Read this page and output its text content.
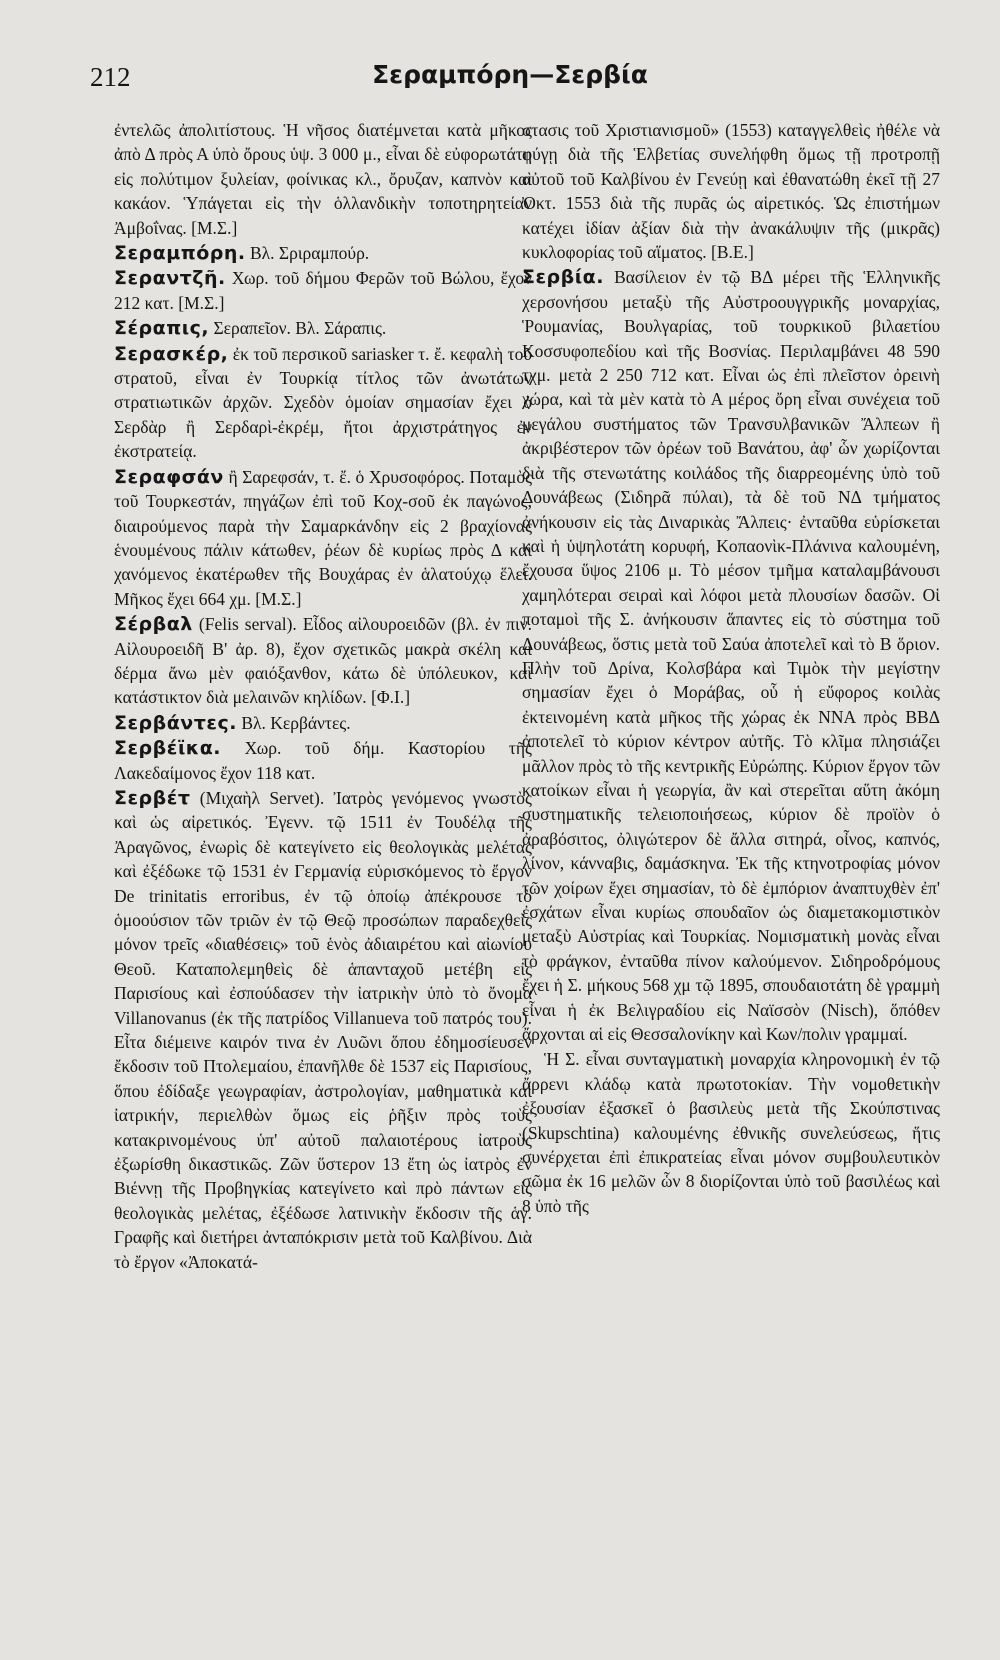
212	Σεραμπόρη—Σερβία

ἐντελῶς ἀπολιτίστους. Ἡ νῆσος διατέμνεται κατὰ μῆκος ἀπὸ Δ πρὸς Α ὑπὸ ὄρους ὑψ. 3 000 μ., εἶναι δὲ εὐφορωτάτη εἰς πολύτιμον ξυλείαν, φοίνικας κλ., ὄρυζαν, καπνὸν καὶ κακάον. Ὑπάγεται εἰς τὴν ὁλλανδικὴν τοποτηρητείαν Ἀμβοΐνας. [Μ.Σ.]

Σεραμπόρη. Βλ. Σριραμπούρ.

Σεραντζῆ. Χωρ. τοῦ δήμου Φερῶν τοῦ Βώλου, ἔχον 212 κατ. [Μ.Σ.]

Σέραπις, Σεραπεῖον. Βλ. Σάραπις.

Σερασκέρ, ἐκ τοῦ περσικοῦ sariasker τ. ἔ. κεφαλὴ τοῦ στρατοῦ, εἶναι ἐν Τουρκίᾳ τίτλος τῶν ἀνωτάτων στρατιωτικῶν ἀρχῶν. Σχεδὸν ὁμοίαν σημασίαν ἔχει ὁ Σερδὰρ ἢ Σερδαρὶ-ἐκρέμ, ἤτοι ἀρχιστράτηγος ἐν ἐκστρατείᾳ.

Σεραφσάν ἢ Σαρεφσάν, τ. ἔ. ὁ Χρυσοφόρος. Ποταμὸς τοῦ Τουρκεστάν, πηγάζων ἐπὶ τοῦ Κοχ-σοῦ ἐκ παγώνος, διαιρούμενος παρὰ τὴν Σαμαρκάνδην εἰς 2 βραχίονας ἑνουμένους πάλιν κάτωθεν, ῥέων δὲ κυρίως πρὸς Δ καὶ χανόμενος ἑκατέρωθεν τῆς Βουχάρας ἐν ἁλατούχῳ ἕλει. Μῆκος ἔχει 664 χμ. [Μ.Σ.]

Σέρβαλ (Felis serval). Εἶδος αἰλουροειδῶν (βλ. ἐν πιν. Αἰλουροειδῆ Β' ἀρ. 8), ἔχον σχετικῶς μακρὰ σκέλη καὶ δέρμα ἄνω μὲν φαιόξανθον, κάτω δὲ ὑπόλευκον, καὶ κατάστικτον διὰ μελαινῶν κηλίδων. [Φ.Ι.]

Σερβάντες. Βλ. Κερβάντες.

Σερβέϊκα. Χωρ. τοῦ δήμ. Καστορίου τῆς Λακεδαίμονος ἔχον 118 κατ.

Σερβέτ (Μιχαὴλ Servet). Ἰατρὸς γενόμενος γνωστὸς καὶ ὡς αἱρετικός. Ἐγενν. τῷ 1511 ἐν Τουδέλᾳ τῆς Ἀραγῶνος, ἐνωρὶς δὲ κατεγίνετο εἰς θεολογικὰς μελέτας καὶ ἐξέδωκε τῷ 1531 ἐν Γερμανίᾳ εὑρισκόμενος τὸ ἔργον De trinitatis erroribus, ἐν τῷ ὁποίῳ ἀπέκρουσε τὸ ὁμοούσιον τῶν τριῶν ἐν τῷ Θεῷ προσώπων παραδεχθεὶς μόνον τρεῖς «διαθέσεις» τοῦ ἑνὸς ἀδιαιρέτου καὶ αἰωνίου Θεοῦ. Καταπολεμηθεὶς δὲ ἁπανταχοῦ μετέβη εἰς Παρισίους καὶ ἐσπούδασεν τὴν ἰατρικὴν ὑπὸ τὸ ὄνομα Villanovanus (ἐκ τῆς πατρίδος Villanueva τοῦ πατρός του). Εἶτα διέμεινε καιρόν τινα ἐν Λυῶνι ὅπου ἐδημοσίευσεν ἔκδοσιν τοῦ Πτολεμαίου, ἐπανῆλθε δὲ 1537 εἰς Παρισίους, ὅπου ἐδίδαξε γεωγραφίαν, ἀστρολογίαν, μαθηματικὰ καὶ ἰατρικήν, περιελθὼν ὅμως εἰς ῥῆξιν πρὸς τοὺς κατακρινομένους ὑπ' αὐτοῦ παλαιοτέρους ἰατροὺς ἐξωρίσθη δικαστικῶς. Ζῶν ὕστερον 13 ἔτη ὡς ἰατρὸς ἐν Βιέννῃ τῆς Προβηγκίας κατεγίνετο καὶ πρὸ πάντων εἰς θεολογικὰς μελέτας, ἐξέδωσε λατινικὴν ἔκδοσιν τῆς ἁγ. Γραφῆς καὶ διετήρει ἀνταπόκρισιν μετὰ τοῦ Καλβίνου. Διὰ τὸ ἔργον «Ἀποκατά-

στασις τοῦ Χριστιανισμοῦ» (1553) καταγγελθεὶς ἠθέλε νὰ φύγῃ διὰ τῆς Ἑλβετίας συνελήφθη ὅμως τῇ προτροπῇ αὐτοῦ τοῦ Καλβίνου ἐν Γενεύῃ καὶ ἐθανατώθη ἐκεῖ τῇ 27 Ὀκτ. 1553 διὰ τῆς πυρᾶς ὡς αἱρετικός. Ὡς ἐπιστήμων κατέχει ἰδίαν ἀξίαν διὰ τὴν ἀνακάλυψιν τῆς (μικρᾶς) κυκλοφορίας τοῦ αἵματος. [Β.Ε.]

Σερβία. Βασίλειον ἐν τῷ ΒΔ μέρει τῆς Ἑλληνικῆς χερσονήσου μεταξὺ τῆς Αὐστροουγγρικῆς μοναρχίας, Ῥουμανίας, Βουλγαρίας, τοῦ τουρκικοῦ βιλαετίου Κοσσυφοπεδίου καὶ τῆς Βοσνίας. Περιλαμβάνει 48 590 τχμ. μετὰ 2 250 712 κατ. Εἶναι ὡς ἐπὶ πλεῖστον ὀρεινὴ χώρα, καὶ τὰ μὲν κατὰ τὸ Α μέρος ὄρη εἶναι συνέχεια τοῦ μεγάλου συστήματος τῶν Τρανσυλβανικῶν Ἄλπεων ἢ ἀκριβέστερον τῶν ὀρέων τοῦ Βανάτου, ἀφ' ὧν χωρίζονται διὰ τῆς στενωτάτης κοιλάδος τῆς διαρρεομένης ὑπὸ τοῦ Δουνάβεως (Σιδηρᾶ πύλαι), τὰ δὲ τοῦ ΝΔ τμήματος ἀνήκουσιν εἰς τὰς Διναρικὰς Ἄλπεις· ἐνταῦθα εὑρίσκεται καὶ ἡ ὑψηλοτάτη κορυφή, Κοπαονὶκ-Πλάνινα καλουμένη, ἔχουσα ὕψος 2106 μ. Τὸ μέσον τμῆμα καταλαμβάνουσι χαμηλότεραι σειραὶ καὶ λόφοι μετὰ πλουσίων δασῶν. Οἱ ποταμοὶ τῆς Σ. ἀνήκουσιν ἅπαντες εἰς τὸ σύστημα τοῦ Δουνάβεως, ὅστις μετὰ τοῦ Σαύα ἀποτελεῖ καὶ τὸ Β ὅριον. Πλὴν τοῦ Δρίνα, Κολσβάρα καὶ Τιμὸκ τὴν μεγίστην σημασίαν ἔχει ὁ Μοράβας, οὗ ἡ εὔφορος κοιλὰς ἐκτεινομένη κατὰ μῆκος τῆς χώρας ἐκ ΝΝΑ πρὸς ΒΒΔ ἀποτελεῖ τὸ κύριον κέντρον αὐτῆς. Τὸ κλῖμα πλησιάζει μᾶλλον πρὸς τὸ τῆς κεντρικῆς Εὐρώπης. Κύριον ἔργον τῶν κατοίκων εἶναι ἡ γεωργία, ἂν καὶ στερεῖται αὕτη ἀκόμη συστηματικῆς τελειοποιήσεως, κύριον δὲ προϊὸν ὁ ἀραβόσιτος, ὀλιγώτερον δὲ ἄλλα σιτηρά, οἶνος, καπνός, λίνον, κάνναβις, δαμάσκηνα. Ἐκ τῆς κτηνοτροφίας μόνον τῶν χοίρων ἔχει σημασίαν, τὸ δὲ ἐμπόριον ἀναπτυχθὲν ἐπ' ἐσχάτων εἶναι κυρίως σπουδαῖον ὡς διαμετακομιστικὸν μεταξὺ Αὐστρίας καὶ Τουρκίας. Νομισματικὴ μονὰς εἶναι τὸ φράγκον, ἐνταῦθα πίνον καλούμενον. Σιδηροδρόμους ἔχει ἡ Σ. μήκους 568 χμ τῷ 1895, σπουδαιοτάτη δὲ γραμμὴ εἶναι ἡ ἐκ Βελιγραδίου εἰς Ναϊσσὸν (Nisch), ὅπόθεν ἄρχονται αἱ εἰς Θεσσαλονίκην καὶ Κων/πολιν γραμμαί.

Ἡ Σ. εἶναι συνταγματικὴ μοναρχία κληρονομικὴ ἐν τῷ ἄρρενι κλάδῳ κατὰ πρωτοτοκίαν. Τὴν νομοθετικὴν ἐξουσίαν ἐξασκεῖ ὁ βασιλεὺς μετὰ τῆς Σκούπστινας (Skupschtina) καλουμένης ἐθνικῆς συνελεύσεως, ἥτις συνέρχεται ἐπὶ ἐπικρατείας εἶναι μόνον συμβουλευτικὸν σῶμα ἐκ 16 μελῶν ὧν 8 διορίζονται ὑπὸ τοῦ βασιλέως καὶ 8 ὑπὸ τῆς
